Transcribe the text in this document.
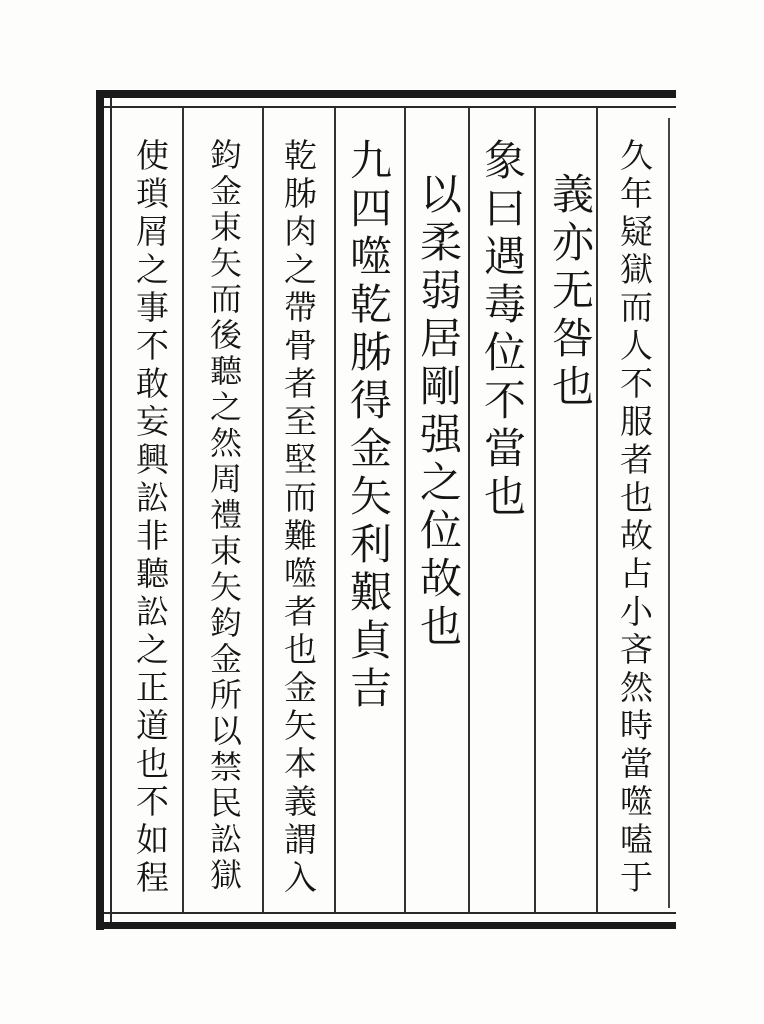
久年疑獄而人不服者也故占小吝然時當噬嗑于
義亦无咎也
象曰遇毒位不當也
以柔弱居剛强之位故也
九四噬乾胏得金矢利艱貞吉
乾胏肉之帶骨者至堅而難噬者也金矢本義謂入
鈞金束矢而後聽之然周禮束矢鈞金所以禁民訟獄
使瑣屑之事不敢妄興訟非聽訟之正道也不如程
